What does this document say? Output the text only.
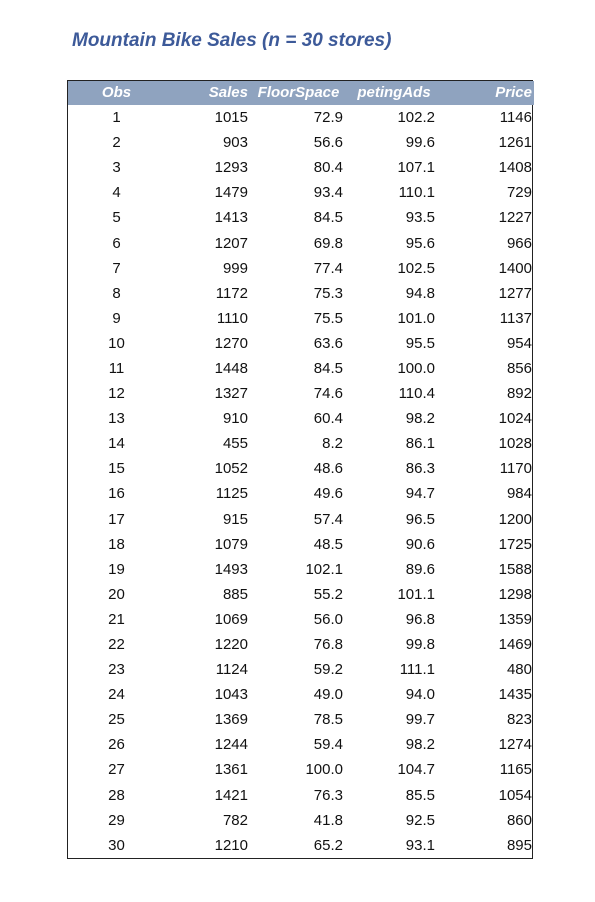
Mountain Bike Sales (n = 30 stores)
Obs	Sales	FloorSpace	petingAds	Price
1	1015	72.9	102.2	1146
2	903	56.6	99.6	1261
3	1293	80.4	107.1	1408
4	1479	93.4	110.1	729
5	1413	84.5	93.5	1227
6	1207	69.8	95.6	966
7	999	77.4	102.5	1400
8	1172	75.3	94.8	1277
9	1110	75.5	101.0	1137
10	1270	63.6	95.5	954
11	1448	84.5	100.0	856
12	1327	74.6	110.4	892
13	910	60.4	98.2	1024
14	455	8.2	86.1	1028
15	1052	48.6	86.3	1170
16	1125	49.6	94.7	984
17	915	57.4	96.5	1200
18	1079	48.5	90.6	1725
19	1493	102.1	89.6	1588
20	885	55.2	101.1	1298
21	1069	56.0	96.8	1359
22	1220	76.8	99.8	1469
23	1124	59.2	111.1	480
24	1043	49.0	94.0	1435
25	1369	78.5	99.7	823
26	1244	59.4	98.2	1274
27	1361	100.0	104.7	1165
28	1421	76.3	85.5	1054
29	782	41.8	92.5	860
30	1210	65.2	93.1	895
